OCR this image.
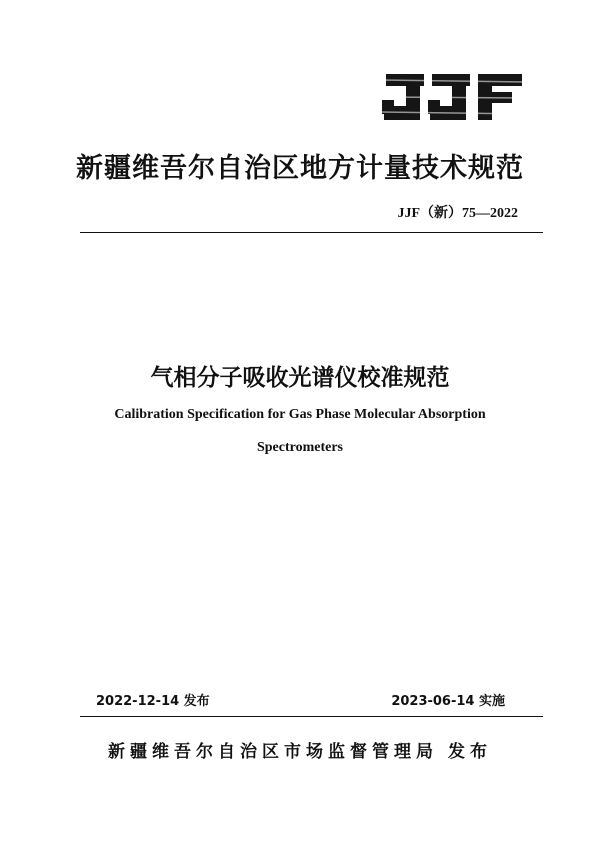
新疆维吾尔自治区地方计量技术规范
JJF（新）75—2022
气相分子吸收光谱仪校准规范
Calibration Specification for Gas Phase Molecular Absorption
Spectrometers
2022-12-14 发布	2023-06-14 实施
新疆维吾尔自治区市场监督管理局 发布
